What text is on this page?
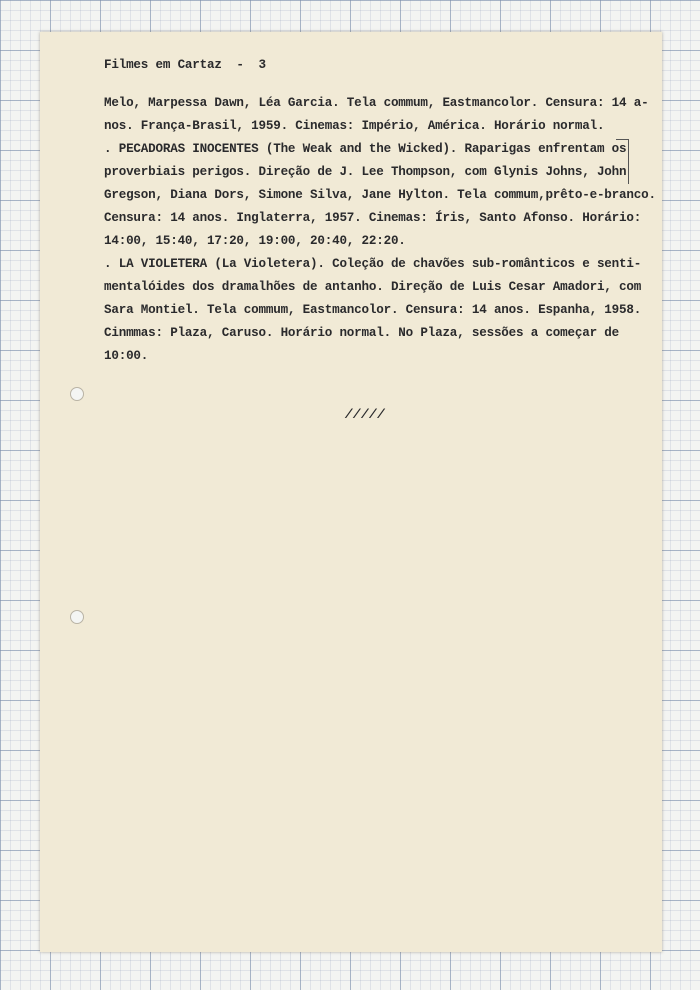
Filmes em Cartaz  -  3
Melo, Marpessa Dawn, Léa Garcia. Tela commum, Eastmancolor. Censura: 14 a-
nos. França-Brasil, 1959. Cinemas: Império, América. Horário normal.
. PECADORAS INOCENTES (The Weak and the Wicked). Raparigas enfrentam os
proverbiais perigos. Direção de J. Lee Thompson, com Glynis Johns, John
Gregson, Diana Dors, Simone Silva, Jane Hylton. Tela commum,prêto-e-branco.
Censura: 14 anos. Inglaterra, 1957. Cinemas: Íris, Santo Afonso. Horário:
14:00, 15:40, 17:20, 19:00, 20:40, 22:20.
. LA VIOLETERA (La Violetera). Coleção de chavões sub-românticos e senti-
mentalóides dos dramalhões de antanho. Direção de Luis Cesar Amadori, com
Sara Montiel. Tela commum, Eastmancolor. Censura: 14 anos. Espanha, 1958.
Cinmmas: Plaza, Caruso. Horário normal. No Plaza, sessões a começar de
10:00.
/////
